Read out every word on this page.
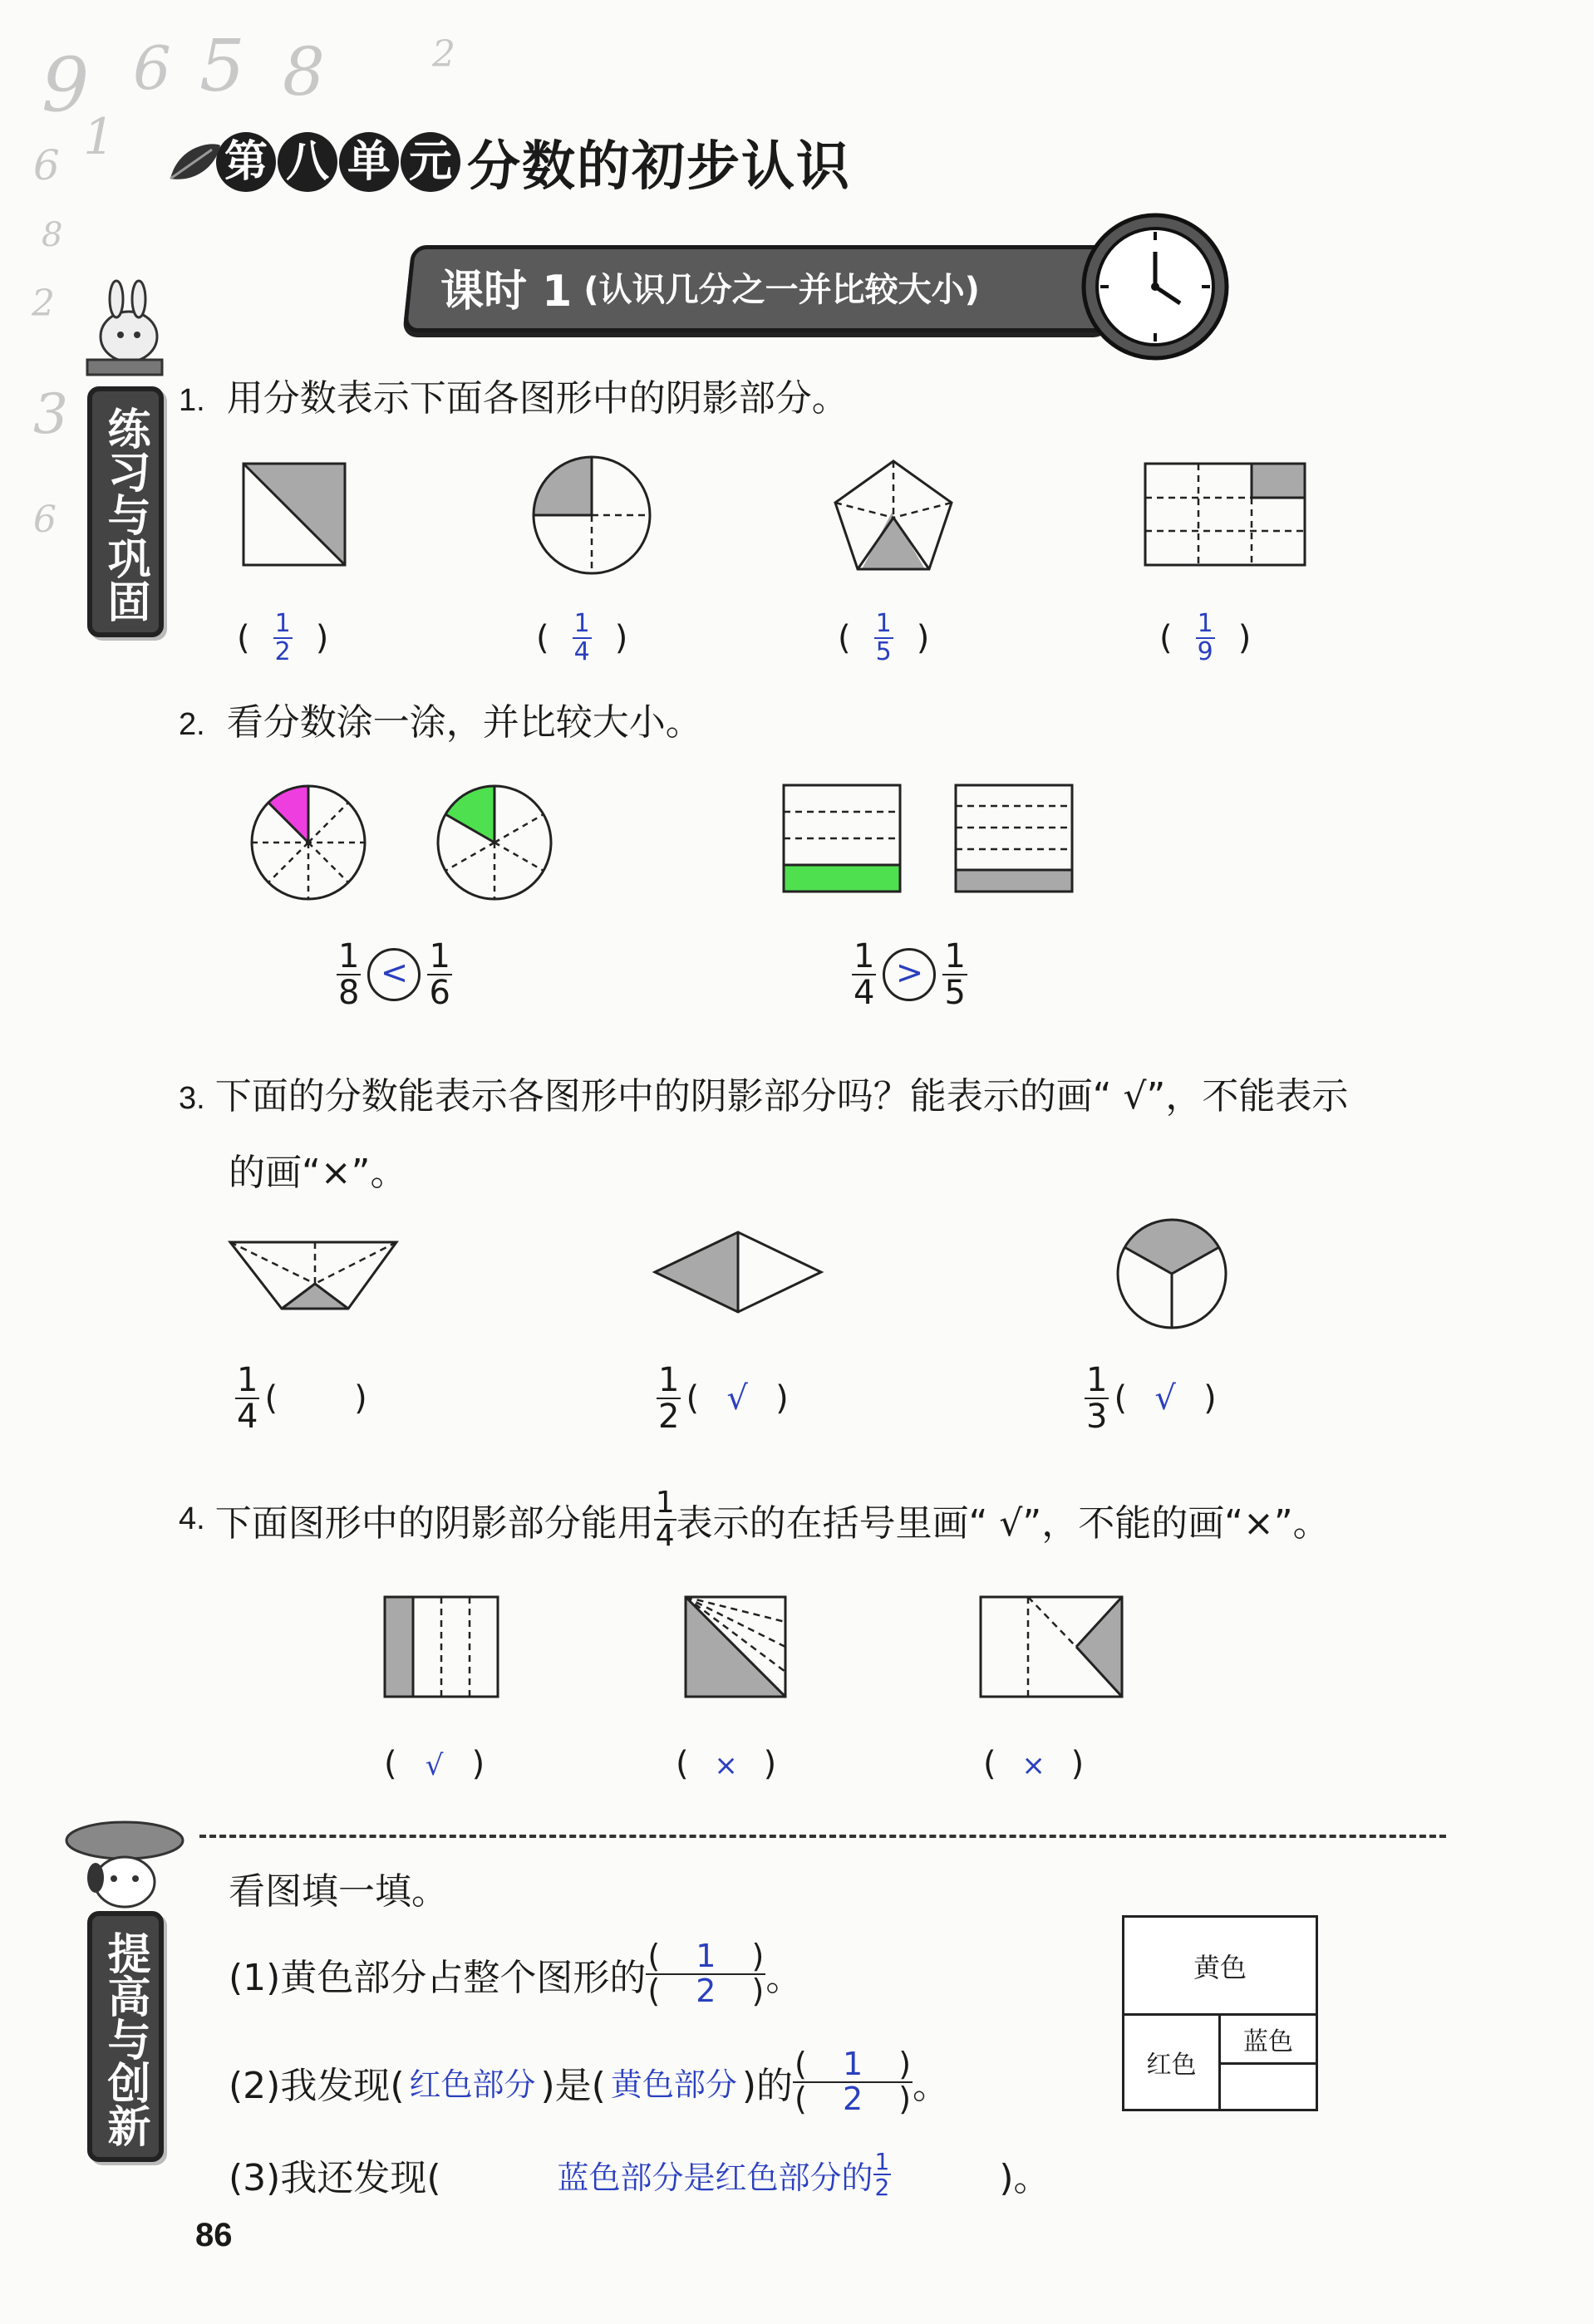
9 6 5 8	2
6 1
8
2
3
6
第 八 单 元 分数的初步认识
课时 1 (认识几分之一并比较大小)
练习与巩固
提高与创新
1. 用分数表示下面各图形中的阴影部分。
( $\frac{1}{2}$ )	( $\frac{1}{4}$ )	( $\frac{1}{5}$ )	( $\frac{1}{9}$ )
2. 看分数涂一涂，并比较大小。
$\frac{1}{8} < \frac{1}{6}$	$\frac{1}{4} > \frac{1}{5}$
3. 下面的分数能表示各图形中的阴影部分吗？能表示的画“ √”，不能表示
的画“×”。
$\frac{1}{4}$ ( )	$\frac{1}{2}$ ( √ )	$\frac{1}{3}$ ( √ )
4. 下面图形中的阴影部分能用 $\frac{1}{4}$ 表示的在括号里画“ √”，不能的画“×”。
( √ )	( × )	( × )
看图填一填。
(1)黄色部分占整个图形的 $\frac{( 1 )}{( 2 )}$ 。
(2)我发现( 红色部分 )是( 黄色部分 )的 $\frac{( 1 )}{( 2 )}$ 。
(3)我还发现(	蓝色部分是红色部分的 $\frac{1}{2}$	)。
黄色
红色
蓝色
86
